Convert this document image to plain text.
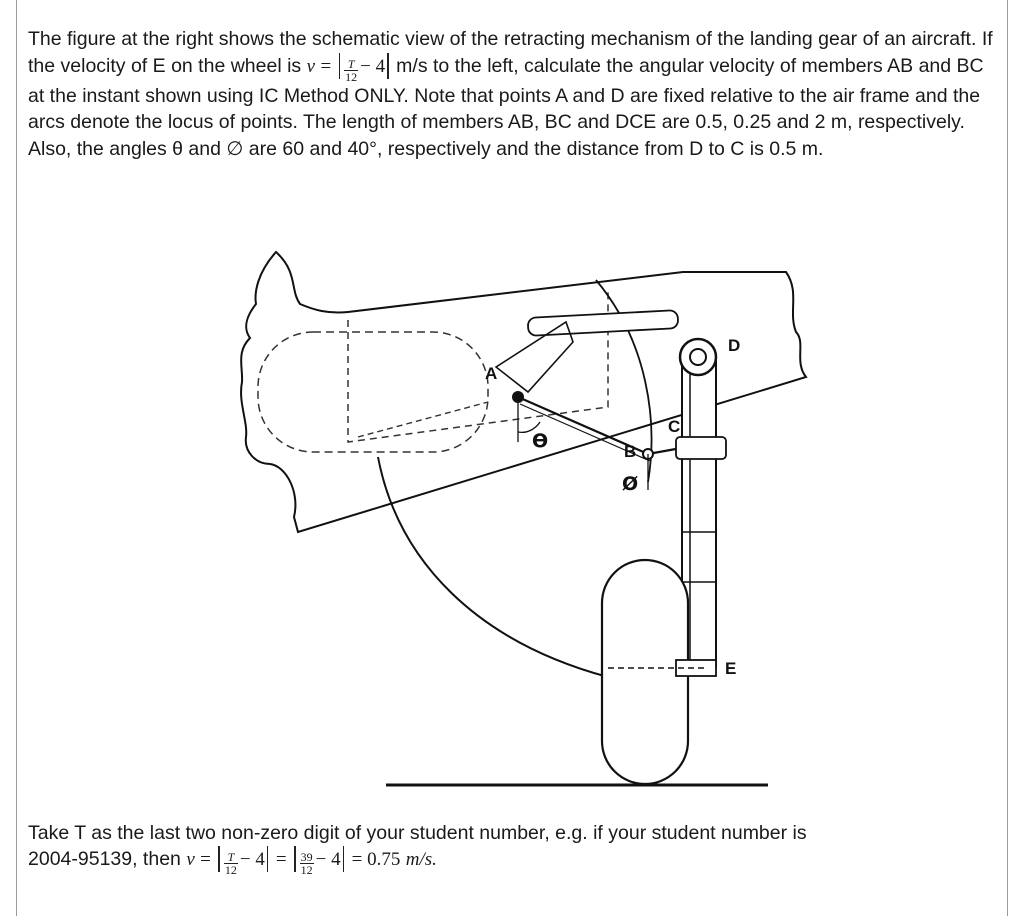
The figure at the right shows the schematic view of the retracting mechanism of the landing gear of an aircraft. If the velocity of E on the wheel is $v = \frac{T}{12} - 4$ m/s to the left, calculate the angular velocity of members AB and BC at the instant shown using IC Method ONLY. Note that points A and D are fixed relative to the air frame and the arcs denote the locus of points. The length of members AB, BC and DCE are 0.5, 0.25 and 2 m, respectively. Also, the angles θ and ∅ are 60 and 40°, respectively and the distance from D to C is 0.5 m.

A
B
C
D
E
ϴ
Ø

Take T as the last two non-zero digit of your student number, e.g. if your student number is

2004-95139, then $v = \frac{T}{12} - 4 = \frac{39}{12} - 4 = 0.75$ m/s.
